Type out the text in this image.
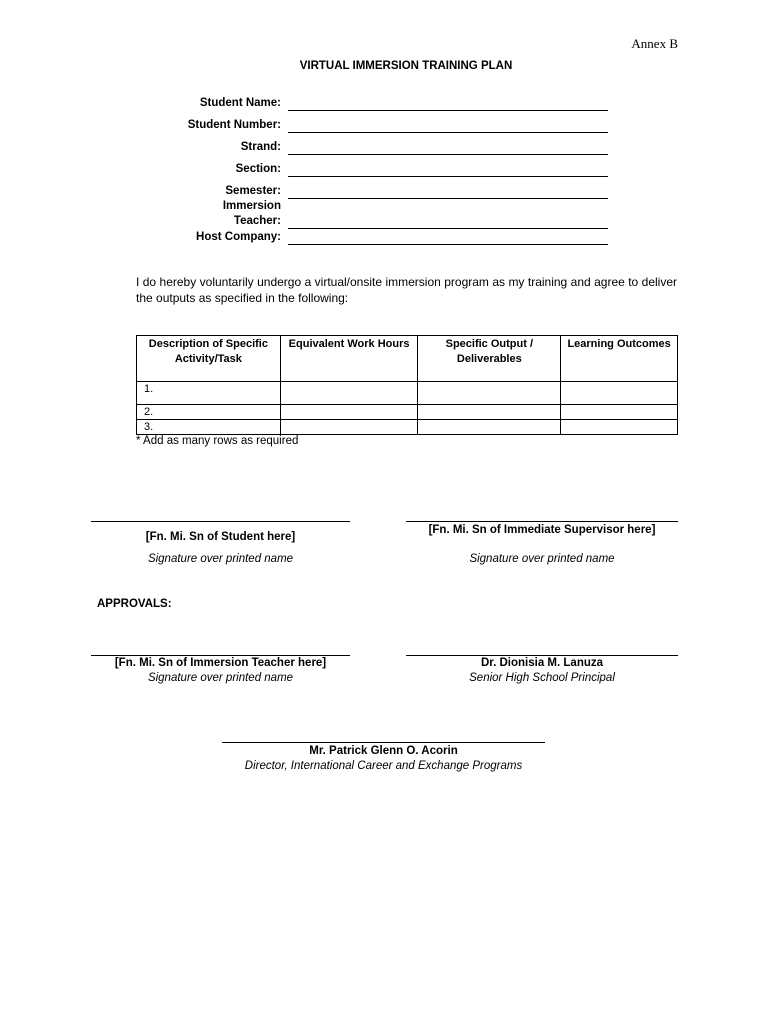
Annex B
VIRTUAL IMMERSION TRAINING PLAN
Student Name:
Student Number:
Strand:
Section:
Semester:
Immersion
Teacher:
Host Company:
I do hereby voluntarily undergo a virtual/onsite immersion program as my training and agree to deliver the outputs as specified in the following:
Description of Specific Activity/Task	Equivalent Work Hours	Specific Output / Deliverables	Learning Outcomes
1.			
2.			
3.			
* Add as many rows as required
[Fn. Mi. Sn of Student here]
Signature over printed name
[Fn. Mi. Sn of Immediate Supervisor here]
Signature over printed name
APPROVALS:
[Fn. Mi. Sn of Immersion Teacher here]
Signature over printed name
Dr. Dionisia M. Lanuza
Senior High School Principal
Mr. Patrick Glenn O. Acorin
Director, International Career and Exchange Programs
